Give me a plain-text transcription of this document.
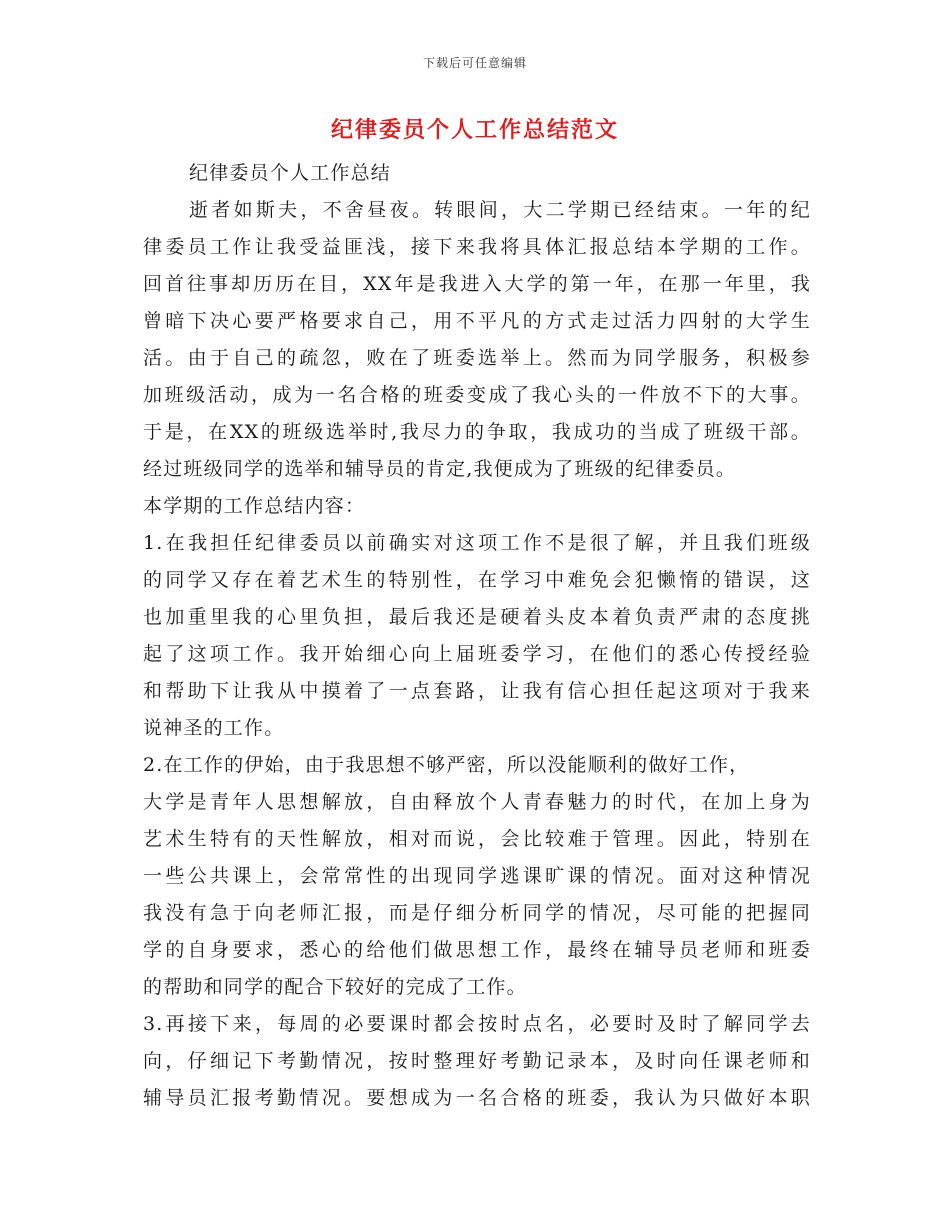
下载后可任意编辑
纪律委员个人工作总结范文
纪律委员个人工作总结
逝者如斯夫，不舍昼夜。转眼间，大二学期已经结束。一年的纪
律委员工作让我受益匪浅，接下来我将具体汇报总结本学期的工作。
回首往事却历历在目，XX年是我进入大学的第一年，在那一年里，我
曾暗下决心要严格要求自己，用不平凡的方式走过活力四射的大学生
活。由于自己的疏忽，败在了班委选举上。然而为同学服务，积极参
加班级活动，成为一名合格的班委变成了我心头的一件放不下的大事。
于是，在XX的班级选举时,我尽力的争取，我成功的当成了班级干部。
经过班级同学的选举和辅导员的肯定,我便成为了班级的纪律委员。
本学期的工作总结内容：
1.在我担任纪律委员以前确实对这项工作不是很了解，并且我们班级
的同学又存在着艺术生的特别性，在学习中难免会犯懒惰的错误，这
也加重里我的心里负担，最后我还是硬着头皮本着负责严肃的态度挑
起了这项工作。我开始细心向上届班委学习，在他们的悉心传授经验
和帮助下让我从中摸着了一点套路，让我有信心担任起这项对于我来
说神圣的工作。
2.在工作的伊始，由于我思想不够严密，所以没能顺利的做好工作，
大学是青年人思想解放，自由释放个人青春魅力的时代，在加上身为
艺术生特有的天性解放，相对而说，会比较难于管理。因此，特别在
一些公共课上，会常常性的出现同学逃课旷课的情况。面对这种情况
我没有急于向老师汇报，而是仔细分析同学的情况，尽可能的把握同
学的自身要求，悉心的给他们做思想工作，最终在辅导员老师和班委
的帮助和同学的配合下较好的完成了工作。
3.再接下来，每周的必要课时都会按时点名，必要时及时了解同学去
向，仔细记下考勤情况，按时整理好考勤记录本，及时向任课老师和
辅导员汇报考勤情况。要想成为一名合格的班委，我认为只做好本职
